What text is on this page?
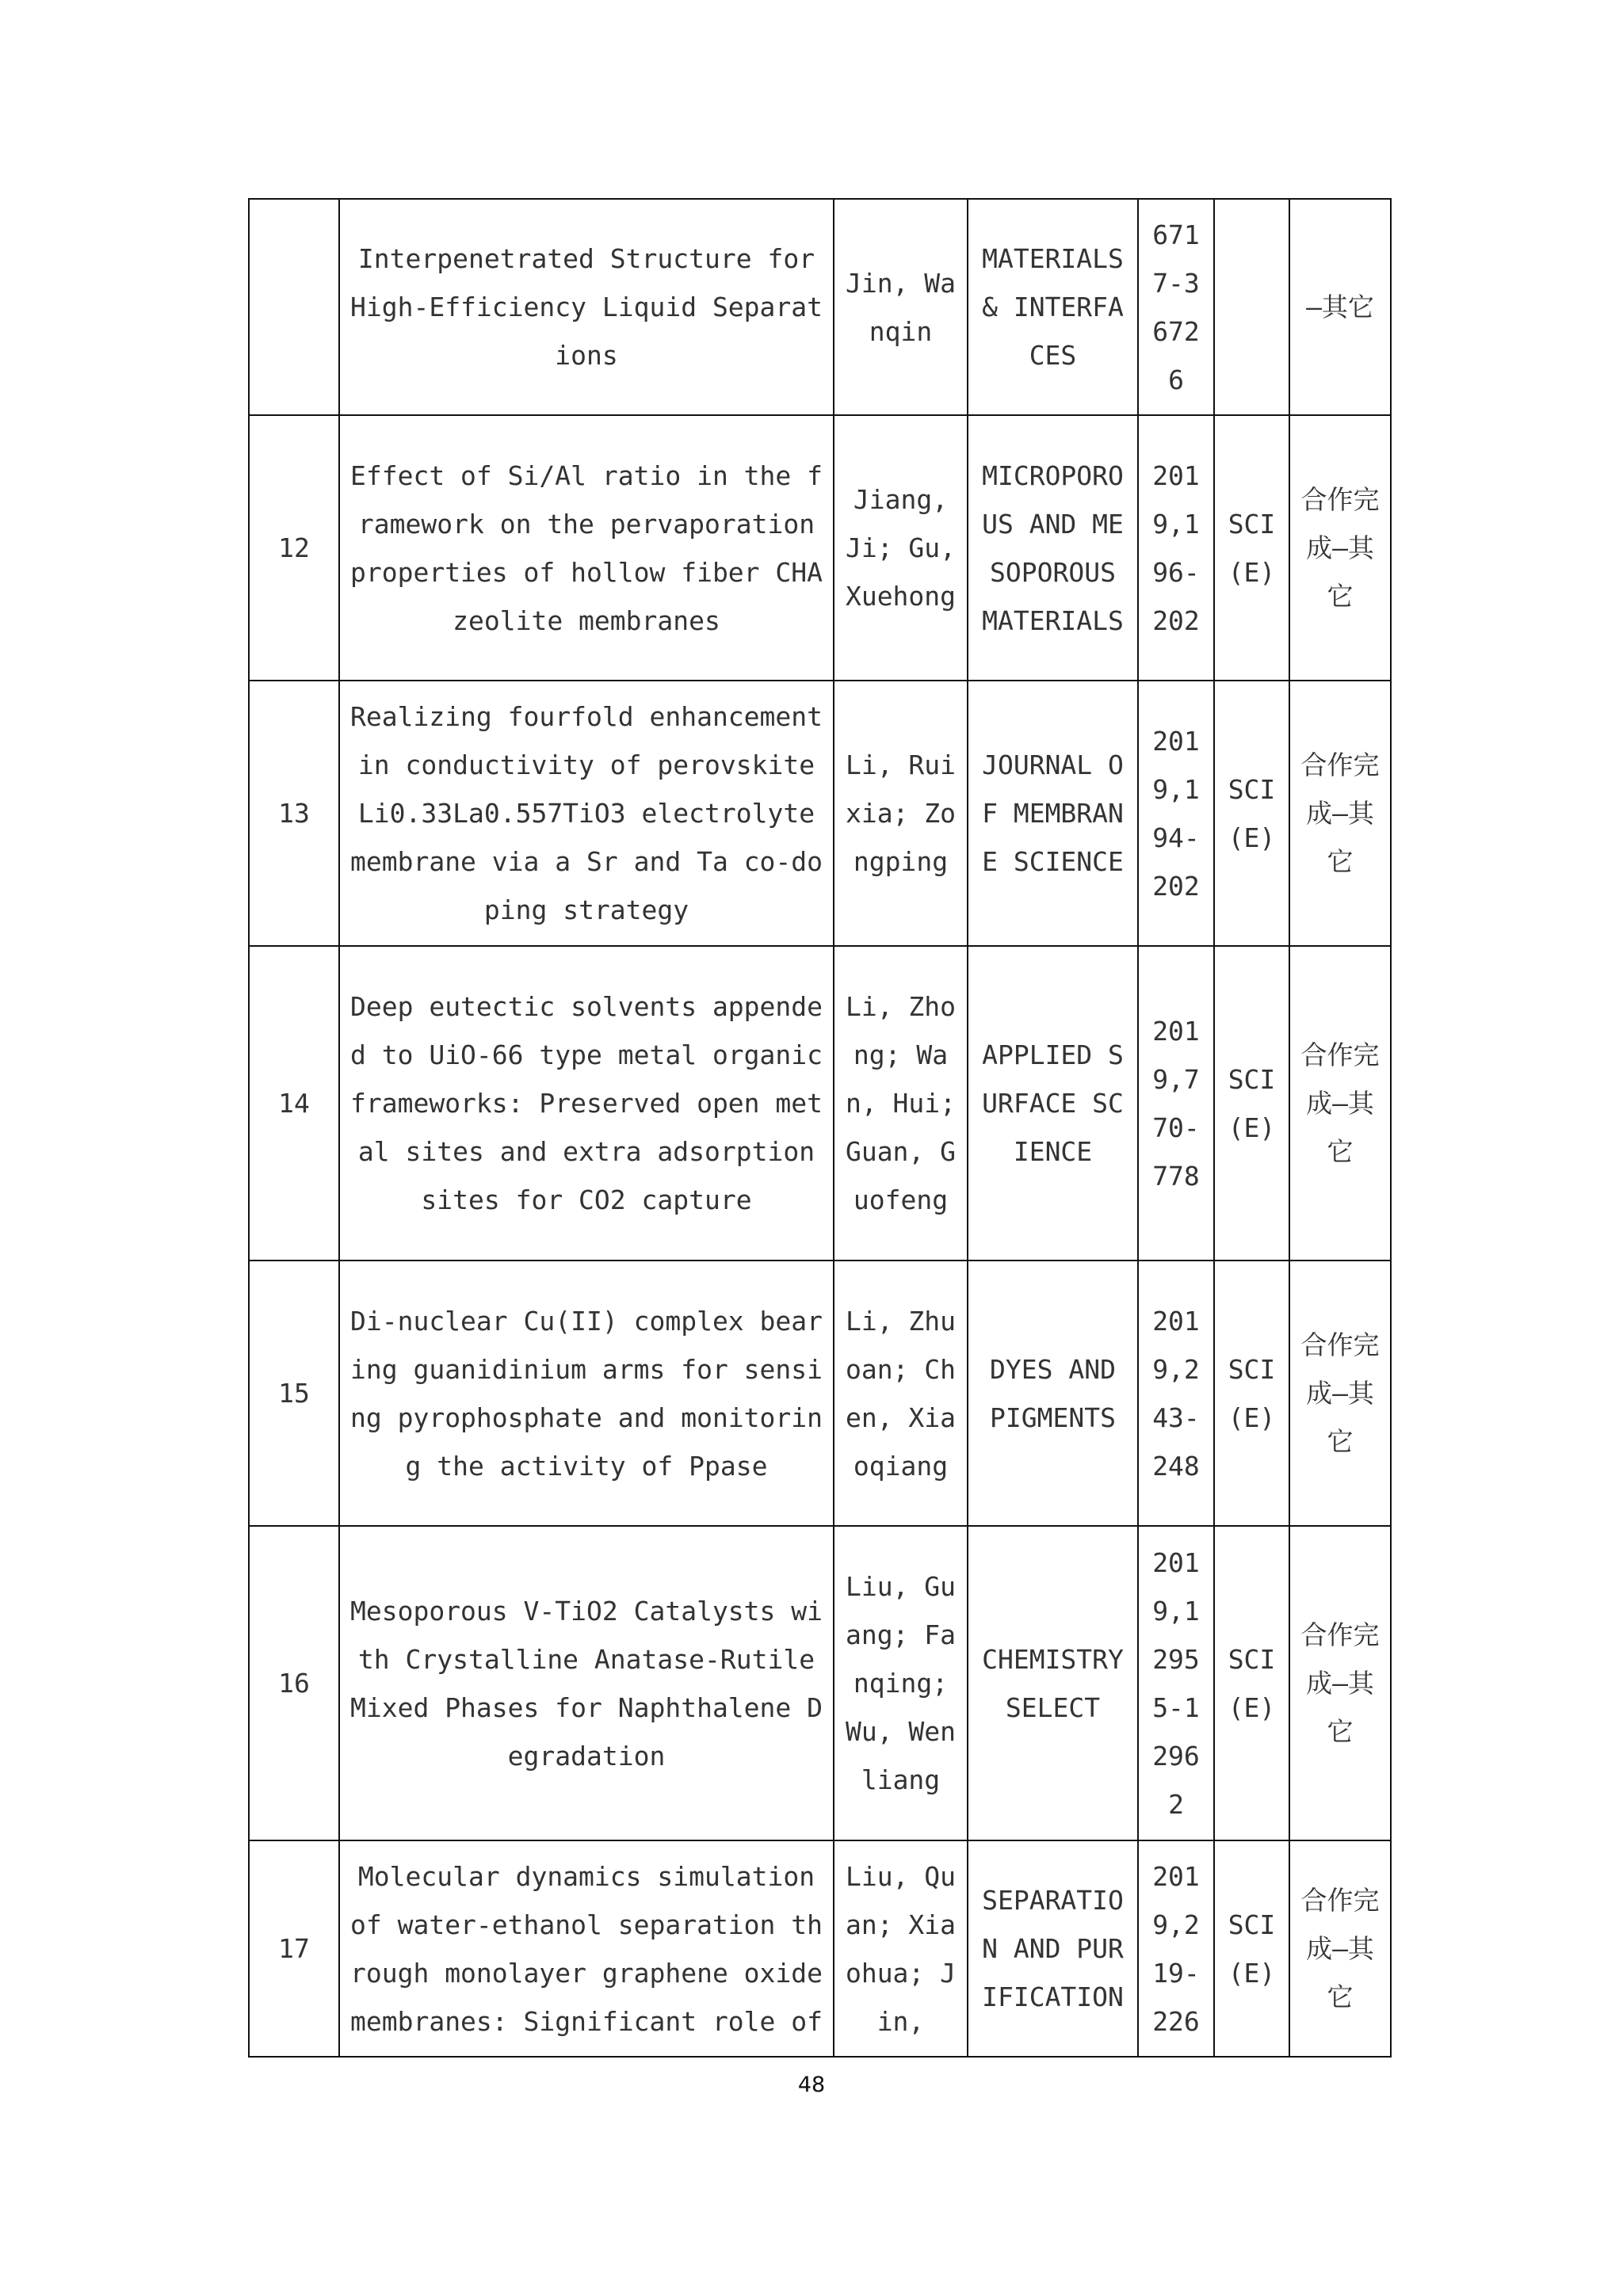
	Interpenetrated Structure for High-Efficiency Liquid Separations	Jin, Wanqin	MATERIALS & INTERFACES	6717-36726		—其它
12	Effect of Si/Al ratio in the framework on the pervaporation properties of hollow fiber CHA zeolite membranes	Jiang, Ji; Gu, Xuehong	MICROPOROUS AND MESOPOROUS MATERIALS	2019,196-202	SCI(E)	合作完成—其它
13	Realizing fourfold enhancement in conductivity of perovskite Li0.33La0.557TiO3 electrolyte membrane via a Sr and Ta co-doping strategy	Li, Ruixia; Zongping	JOURNAL OF MEMBRANE SCIENCE	2019,194-202	SCI(E)	合作完成—其它
14	Deep eutectic solvents appended to UiO-66 type metal organic frameworks: Preserved open metal sites and extra adsorption sites for CO2 capture	Li, Zhong; Wan, Hui; Guan, Guofeng	APPLIED SURFACE SCIENCE	2019,770-778	SCI(E)	合作完成—其它
15	Di-nuclear Cu(II) complex bearing guanidinium arms for sensing pyrophosphate and monitoring the activity of Ppase	Li, Zhuoan; Chen, Xiaoqiang	DYES AND PIGMENTS	2019,243-248	SCI(E)	合作完成—其它
16	Mesoporous V-TiO2 Catalysts with Crystalline Anatase-Rutile Mixed Phases for Naphthalene Degradation	Liu, Guang; Fanqing; Wu, Wenliang	CHEMISTRY SELECT	2019,12955-12962	SCI(E)	合作完成—其它
17	Molecular dynamics simulation of water-ethanol separation through monolayer graphene oxide membranes: Significant role of	Liu, Quan; Xiaohua; Jin,	SEPARATION AND PURIFICATION	2019,219-226	SCI(E)	合作完成—其它
48
